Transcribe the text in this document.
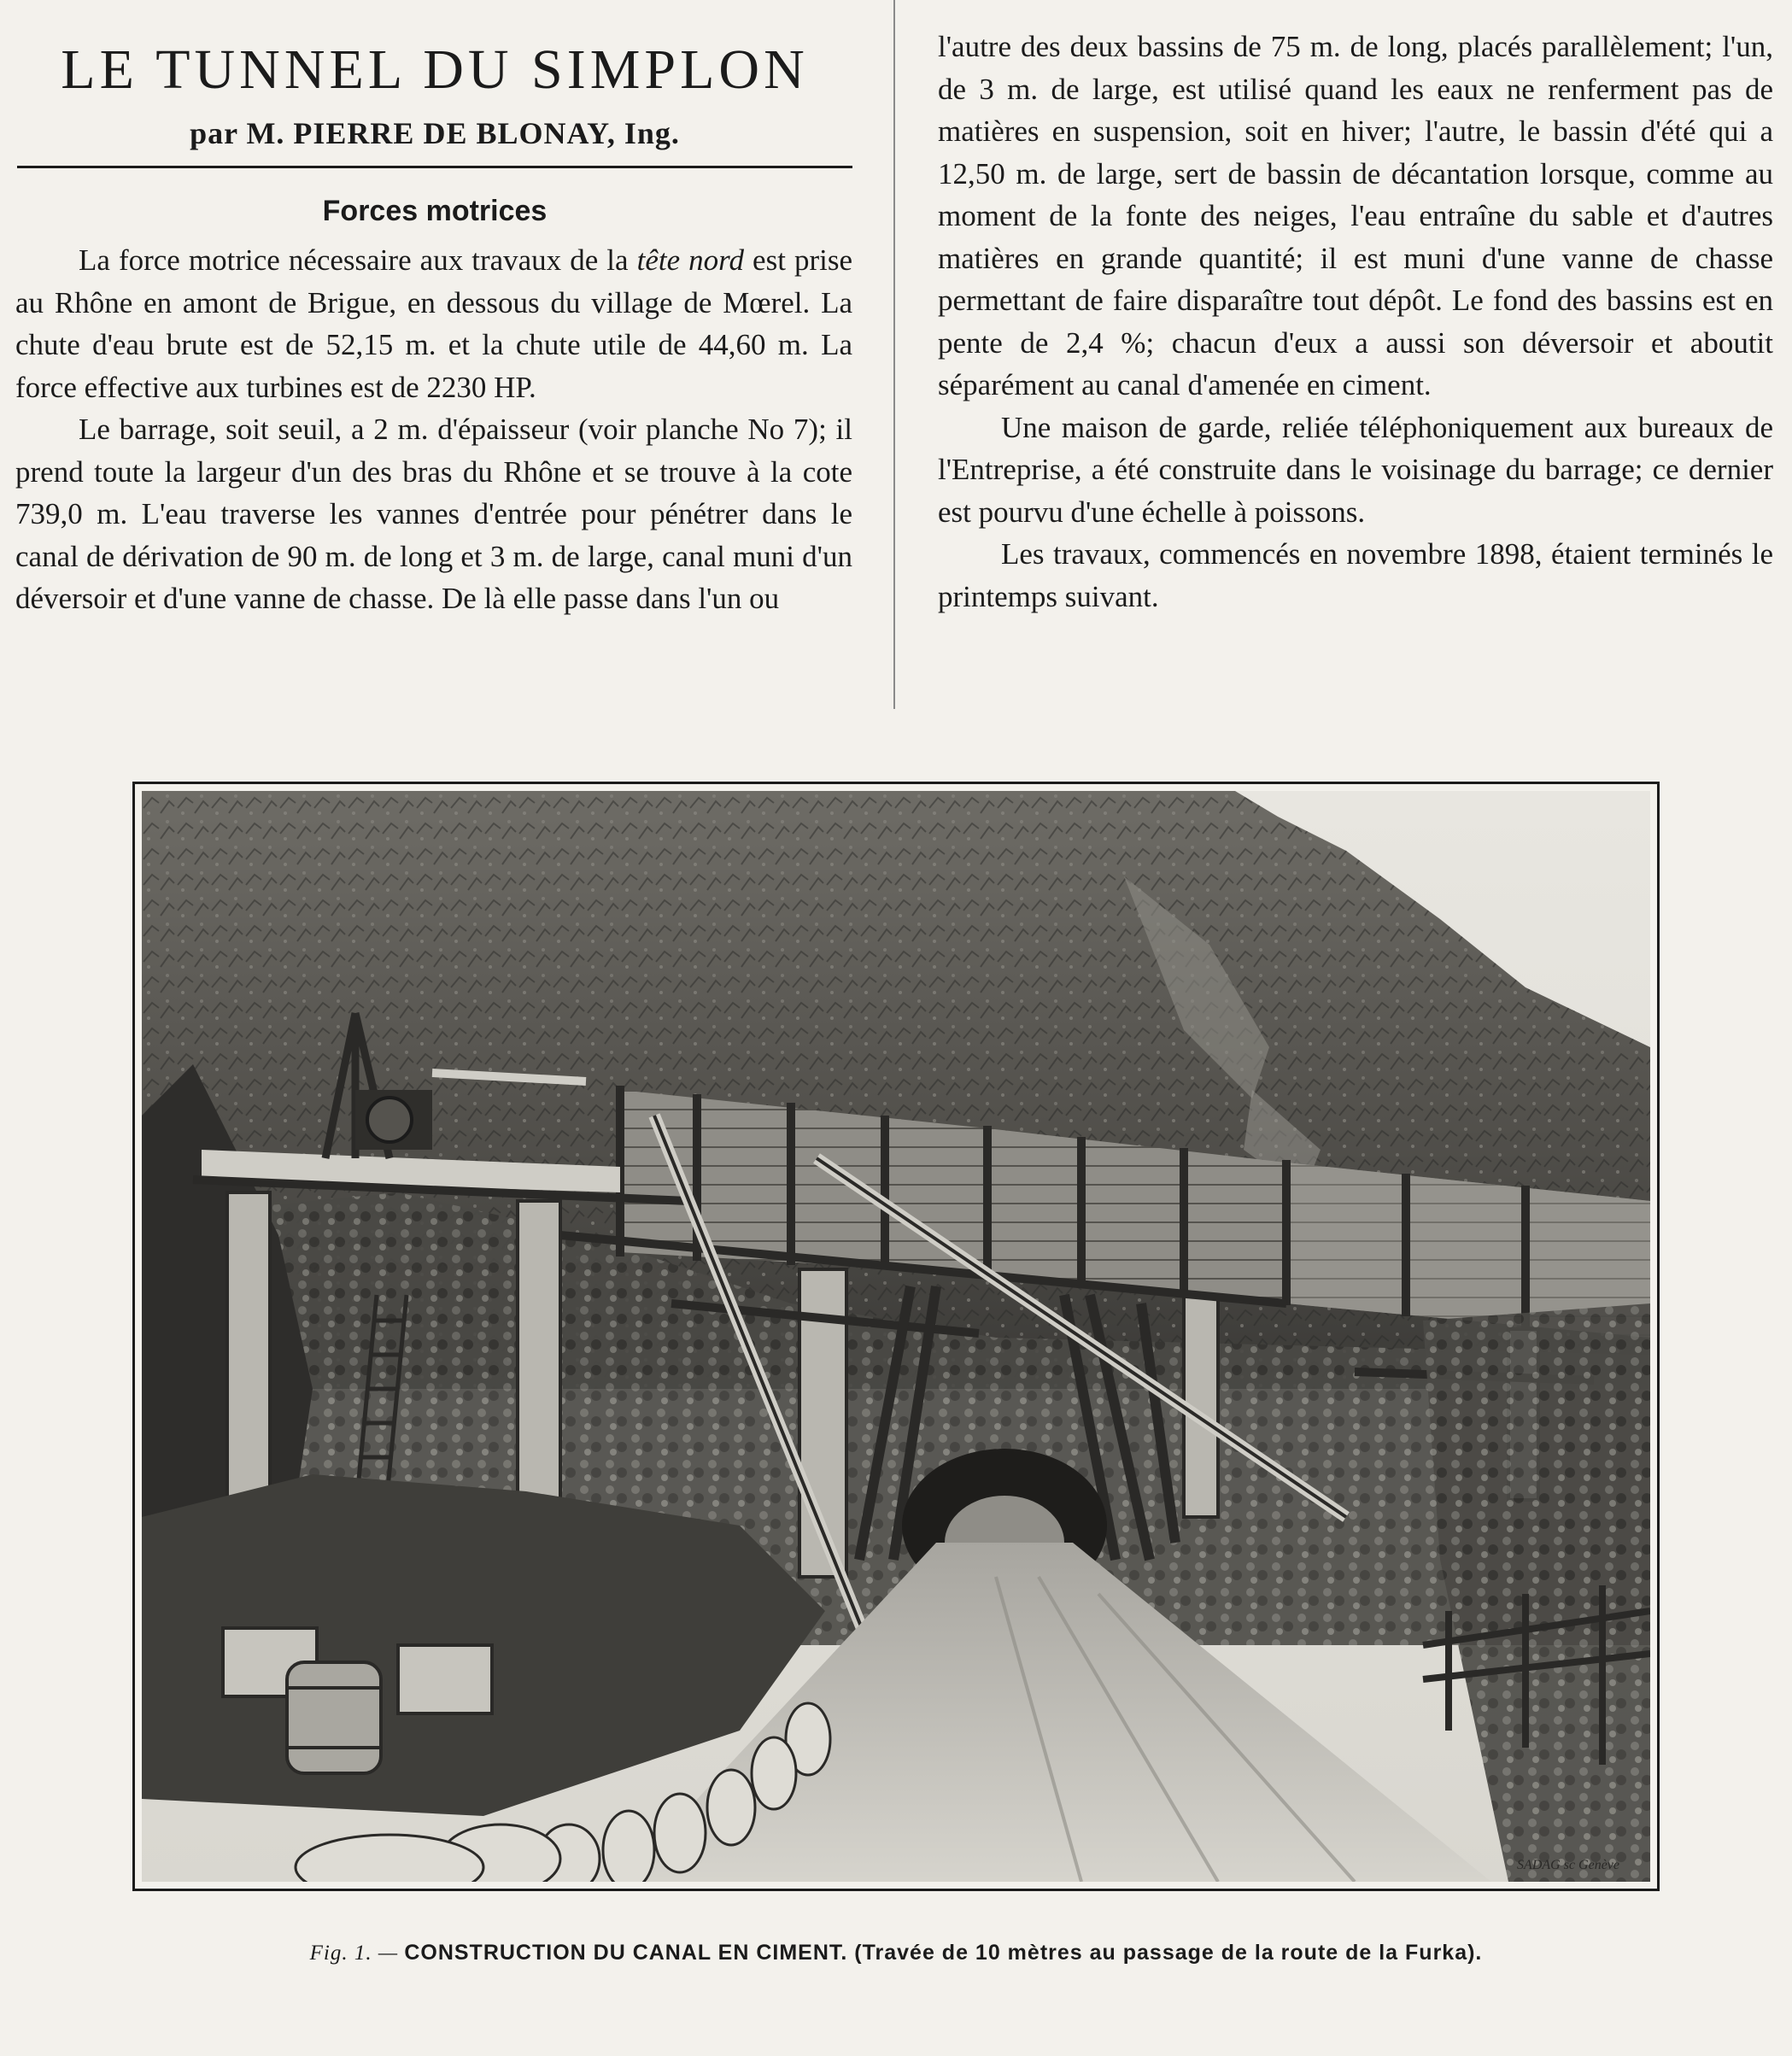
LE TUNNEL DU SIMPLON
par M. PIERRE DE BLONAY, Ing.
Forces motrices

La force motrice nécessaire aux travaux de la tête nord est prise au Rhône en amont de Brigue, en dessous du village de Mœrel. La chute d'eau brute est de 52,15 m. et la chute utile de 44,60 m. La force effective aux turbines est de 2230 HP.

Le barrage, soit seuil, a 2 m. d'épaisseur (voir planche No 7); il prend toute la largeur d'un des bras du Rhône et se trouve à la cote 739,0 m. L'eau traverse les vannes d'entrée pour pénétrer dans le canal de dérivation de 90 m. de long et 3 m. de large, canal muni d'un déversoir et d'une vanne de chasse. De là elle passe dans l'un ou

l'autre des deux bassins de 75 m. de long, placés parallèlement; l'un, de 3 m. de large, est utilisé quand les eaux ne renferment pas de matières en suspension, soit en hiver; l'autre, le bassin d'été qui a 12,50 m. de large, sert de bassin de décantation lorsque, comme au moment de la fonte des neiges, l'eau entraîne du sable et d'autres matières en grande quantité; il est muni d'une vanne de chasse permettant de faire disparaître tout dépôt. Le fond des bassins est en pente de 2,4 %; chacun d'eux a aussi son déversoir et aboutit séparément au canal d'amenée en ciment.

Une maison de garde, reliée téléphoniquement aux bureaux de l'Entreprise, a été construite dans le voisinage du barrage; ce dernier est pourvu d'une échelle à poissons.

Les travaux, commencés en novembre 1898, étaient terminés le printemps suivant.

SADAG sc Genève
Fig. 1. — CONSTRUCTION DU CANAL EN CIMENT. (Travée de 10 mètres au passage de la route de la Furka).
